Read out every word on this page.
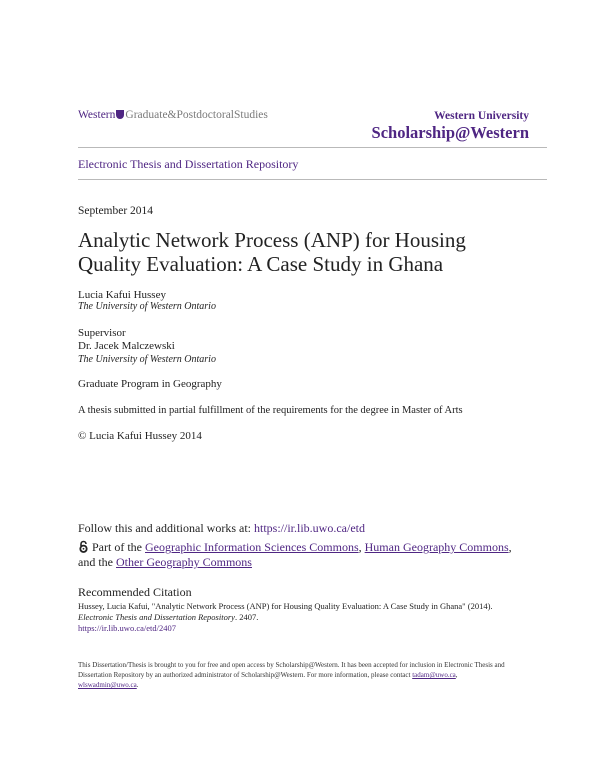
Western Graduate&PostdoctoralStudies	Western University
Scholarship@Western
Electronic Thesis and Dissertation Repository
September 2014
Analytic Network Process (ANP) for Housing Quality Evaluation: A Case Study in Ghana
Lucia Kafui Hussey
The University of Western Ontario
Supervisor
Dr. Jacek Malczewski
The University of Western Ontario
Graduate Program in Geography
A thesis submitted in partial fulfillment of the requirements for the degree in Master of Arts
© Lucia Kafui Hussey 2014
Follow this and additional works at: https://ir.lib.uwo.ca/etd
Part of the Geographic Information Sciences Commons, Human Geography Commons, and the Other Geography Commons
Recommended Citation
Hussey, Lucia Kafui, "Analytic Network Process (ANP) for Housing Quality Evaluation: A Case Study in Ghana" (2014). Electronic Thesis and Dissertation Repository. 2407.
https://ir.lib.uwo.ca/etd/2407
This Dissertation/Thesis is brought to you for free and open access by Scholarship@Western. It has been accepted for inclusion in Electronic Thesis and Dissertation Repository by an authorized administrator of Scholarship@Western. For more information, please contact tadam@uwo.ca, wlswadmin@uwo.ca.
